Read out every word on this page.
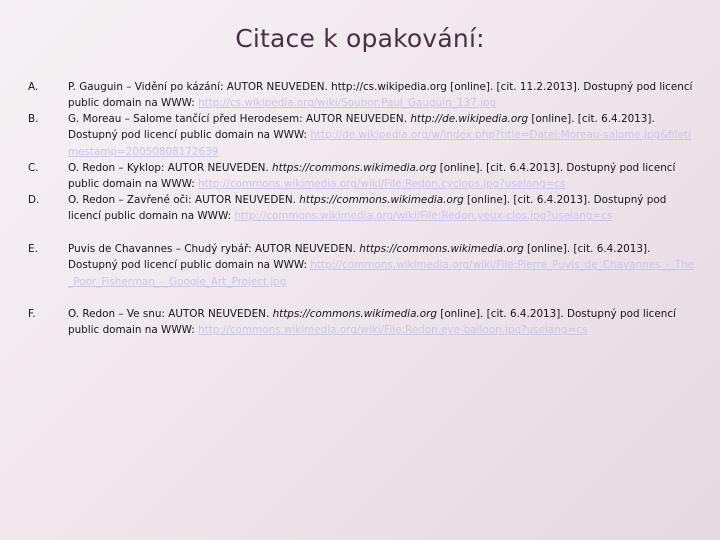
Citace k opakování:
A.	P. Gauguin – Vidění po kázání: AUTOR NEUVEDEN. http://cs.wikipedia.org [online]. [cit. 11.2.2013]. Dostupný pod licencí public domain na WWW: http://cs.wikipedia.org/wiki/Soubor:Paul_Gauguin_137.jpg
B.	G. Moreau – Salome tančící před Herodesem: AUTOR NEUVEDEN. http://de.wikipedia.org [online]. [cit. 6.4.2013]. Dostupný pod licencí public domain na WWW: http://de.wikipedia.org/w/index.php?title=Datei:Moreau-salome.jpg&filetimestamp=20050808172639
C.	O. Redon – Kyklop: AUTOR NEUVEDEN. https://commons.wikimedia.org [online]. [cit. 6.4.2013]. Dostupný pod licencí public domain na WWW: http://commons.wikimedia.org/wiki/File:Redon.cyclops.jpg?uselang=cs
D.	O. Redon – Zavřené oči: AUTOR NEUVEDEN. https://commons.wikimedia.org [online]. [cit. 6.4.2013]. Dostupný pod licencí public domain na WWW: http://commons.wikimedia.org/wiki/File:Redon.yeux-clos.jpg?uselang=cs
E.	Puvis de Chavannes – Chudý rybář: AUTOR NEUVEDEN. https://commons.wikimedia.org [online]. [cit. 6.4.2013]. Dostupný pod licencí public domain na WWW: http://commons.wikimedia.org/wiki/File:Pierre_Puvis_de_Chavannes_-_The_Poor_Fisherman_-_Google_Art_Project.jpg
F.	O. Redon – Ve snu: AUTOR NEUVEDEN. https://commons.wikimedia.org [online]. [cit. 6.4.2013]. Dostupný pod licencí public domain na WWW: http://commons.wikimedia.org/wiki/File:Redon.eye-balloon.jpg?uselang=cs
